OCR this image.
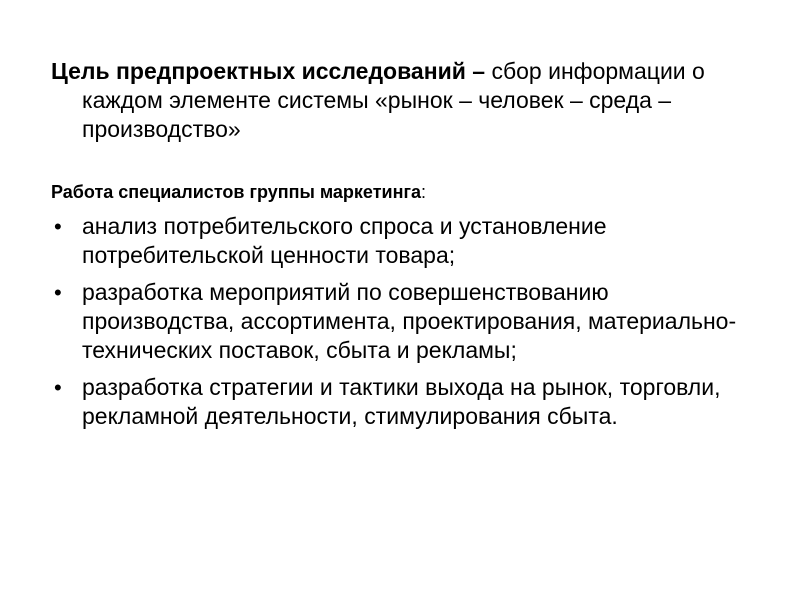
Цель предпроектных исследований – сбор информации о каждом элементе системы «рынок – человек – среда – производство»

Работа специалистов группы маркетинга:

• анализ потребительского спроса и установление потребительской ценности товара;
• разработка мероприятий по совершенствованию производства, ассортимента, проектирования, материально-технических поставок, сбыта и рекламы;
• разработка стратегии и тактики выхода на рынок, торговли, рекламной деятельности, стимулирования сбыта.
